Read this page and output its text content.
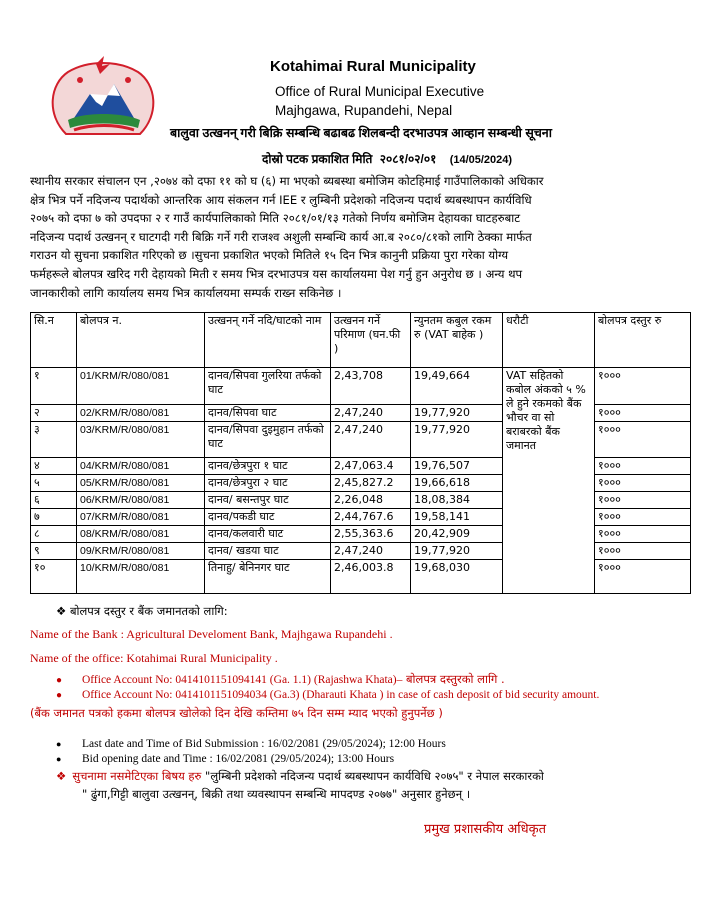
Kotahimai Rural Municipality
Office of Rural Municipal Executive
Majhgawa, Rupandehi, Nepal
बालुवा उत्खनन् गरी बिक्रि सम्बन्धि बढाबढ शिलबन्दी दरभाउपत्र आव्हान सम्बन्धी सूचना
दोस्रो पटक प्रकाशित मिति २०८१/०२/०१ (14/05/2024)
स्थानीय सरकार संचालन एन ,२०७४ को दफा ११ को घ (६) मा भएको ब्यबस्था बमोजिम कोटहिमाई गाउँपालिकाको अधिकार
क्षेत्र भित्र पर्ने नदिजन्य पदार्थको आन्तरिक आय संकलन गर्न IEE र लुम्बिनी प्रदेशको नदिजन्य पदार्थ ब्यबस्थापन कार्यविधि
२०७५ को दफा ७ को उपदफा २ र गाउँ कार्यपालिकाको मिति २०८१/०१/१३ गतेको निर्णय बमोजिम देहायका घाटहरुबाट
नदिजन्य पदार्थ उत्खनन् र घाटगदी गरी बिक्रि गर्ने गरी राजश्व अशुली सम्बन्धि कार्य आ.ब २०८०/८१को लागि ठेक्का मार्फत
गराउन यो सुचना प्रकाशित गरिएको छ ।सुचना प्रकाशित भएको मितिले १५ दिन भित्र कानुनी प्रक्रिया पुरा गरेका योग्य
फर्महरूले बोलपत्र खरिद गरी देहायको मिती र समय भित्र दरभाउपत्र यस कार्यालयमा पेश गर्नु हुन अनुरोध छ । अन्य थप
जानकारीको लागि कार्यालय समय भित्र कार्यालयमा सम्पर्क राख्न सकिनेछ ।
सि.न	बोलपत्र न.	उत्खनन् गर्ने नदि/घाटको नाम	उत्खनन गर्ने परिमाण (घन.फी )	न्युनतम कबुल रकम रु (VAT बाहेक )	धरौटी	बोलपत्र दस्तुर रु
१	01/KRM/R/080/081	दानव/सिपवा गुलरिया तर्फको घाट	2,43,708	19,49,664	VAT सहितको कबोल अंकको ५ % ले हुने रकमको बैंक भौचर वा सो बराबरको बैंक जमानत	१०००
२	02/KRM/R/080/081	दानव/सिपवा घाट	2,47,240	19,77,920		१०००
३	03/KRM/R/080/081	दानव/सिपवा दुइमुहान तर्फको घाट	2,47,240	19,77,920		१०००
४	04/KRM/R/080/081	दानव/छेत्रपुरा १ घाट	2,47,063.4	19,76,507		१०००
५	05/KRM/R/080/081	दानव/छेत्रपुरा २ घाट	2,45,827.2	19,66,618		१०००
६	06/KRM/R/080/081	दानव/ बसन्तपुर घाट	2,26,048	18,08,384		१०००
७	07/KRM/R/080/081	दानव/पकडी घाट	2,44,767.6	19,58,141		१०००
८	08/KRM/R/080/081	दानव/कलवारी घाट	2,55,363.6	20,42,909		१०००
९	09/KRM/R/080/081	दानव/ खडया घाट	2,47,240	19,77,920		१०००
१०	10/KRM/R/080/081	तिनाहु/ बेनिनगर घाट	2,46,003.8	19,68,030		१०००
❖ बोलपत्र दस्तुर र बैंक जमानतको लागि:
Name of the Bank : Agricultural Develoment Bank, Majhgawa Rupandehi .
Name of the office: Kotahimai Rural Municipality .
● Office Account No: 0414101151094141 (Ga. 1.1) (Rajashwa Khata)– बोलपत्र दस्तुरको लागि .
● Office Account No: 0414101151094034 (Ga.3) (Dharauti Khata ) in case of cash deposit of bid security amount.
(बैंक जमानत पत्रको हकमा बोलपत्र खोलेको दिन देखि कम्तिमा ७५ दिन सम्म म्याद भएको हुनुपर्नेछ )
● Last date and Time of Bid Submission : 16/02/2081 (29/05/2024); 12:00 Hours
● Bid opening date and Time : 16/02/2081 (29/05/2024); 13:00 Hours
❖ सुचनामा नसमेटिएका बिषय हरु "लुम्बिनी प्रदेशको नदिजन्य पदार्थ ब्यबस्थापन कार्यविधि २०७५" र नेपाल सरकारको
" ढुंगा,गिट्टी बालुवा उत्खनन्, बिक्री तथा व्यवस्थापन सम्बन्धि मापदण्ड २०७७" अनुसार हुनेछन् ।
प्रमुख प्रशासकीय अधिकृत
